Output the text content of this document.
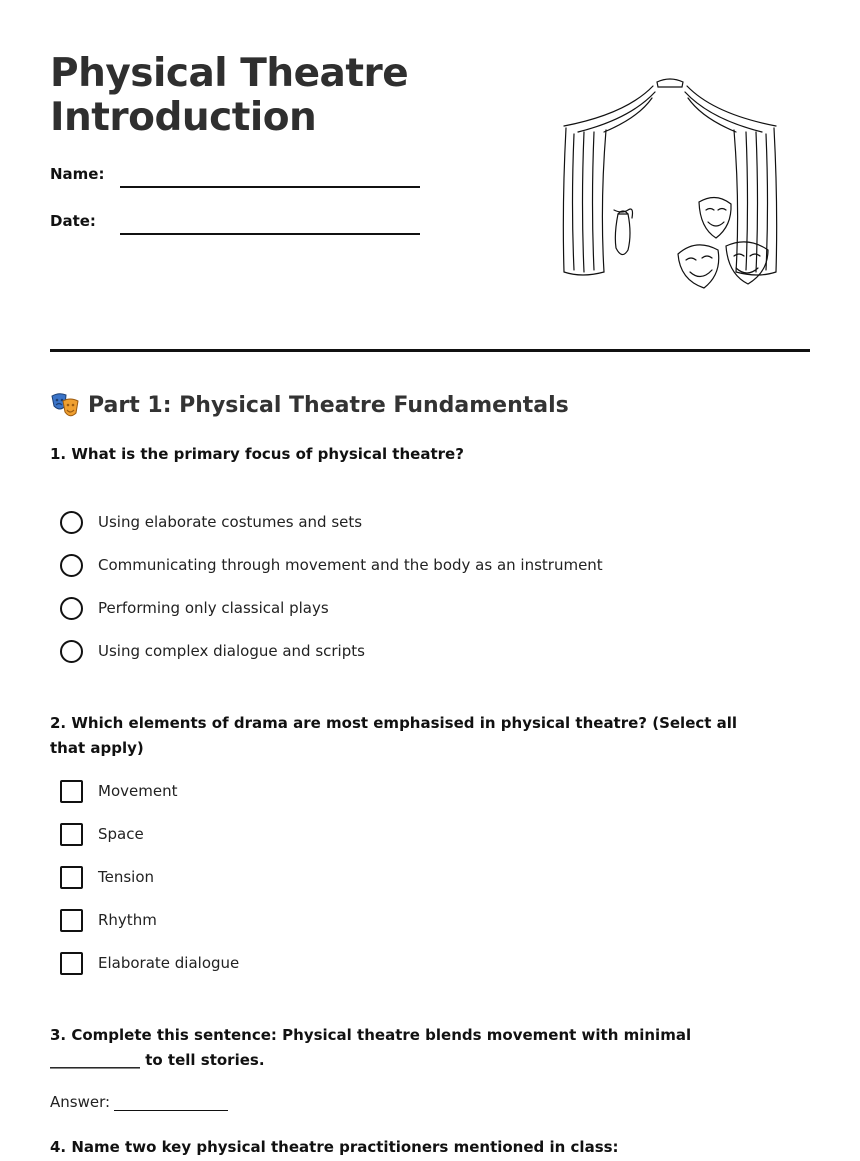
Physical Theatre
Introduction
Name:
Date:
Part 1: Physical Theatre Fundamentals
1. What is the primary focus of physical theatre?
Using elaborate costumes and sets
Communicating through movement and the body as an instrument
Performing only classical plays
Using complex dialogue and scripts
2. Which elements of drama are most emphasised in physical theatre? (Select all that apply)
Movement
Space
Tension
Rhythm
Elaborate dialogue
3. Complete this sentence: Physical theatre blends movement with minimal ____________ to tell stories.
Answer:
4. Name two key physical theatre practitioners mentioned in class:
